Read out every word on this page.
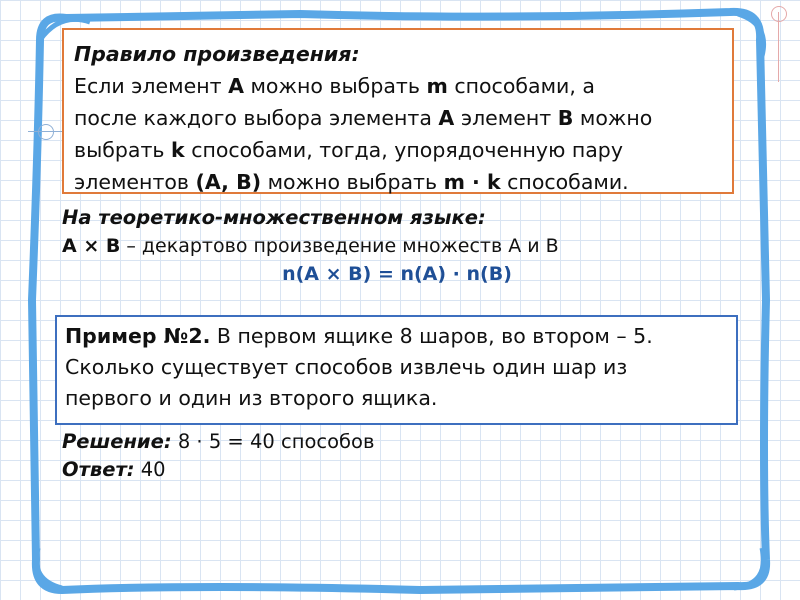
Правило произведения:
Если элемент A можно выбрать m способами, а
после каждого выбора элемента A элемент B можно
выбрать k способами, тогда, упорядоченную пару
элементов (A, B) можно выбрать m · k способами.
На теоретико-множественном языке:
A × B – декартово произведение множеств A и B
n(A × B) = n(A) · n(B)
Пример №2. В первом ящике 8 шаров, во втором – 5.
Сколько существует способов извлечь один шар из
первого и один из второго ящика.
Решение: 8 · 5 = 40 способов
Ответ: 40
